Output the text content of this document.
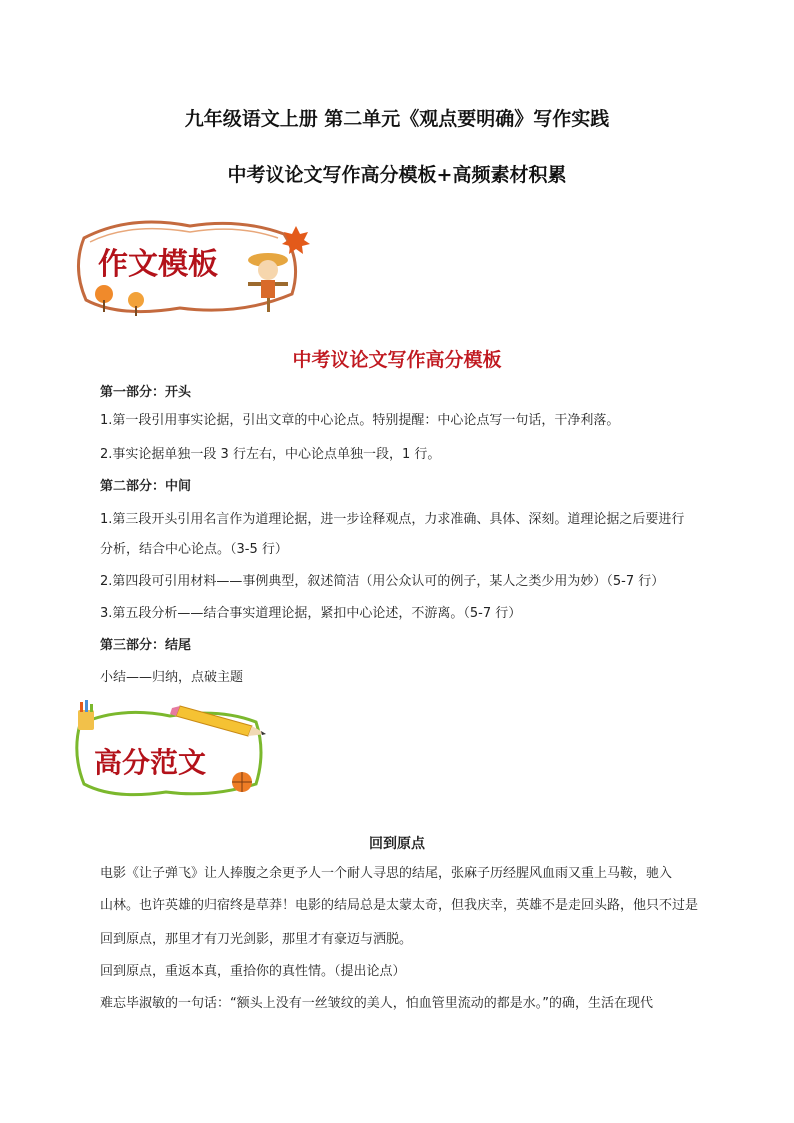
九年级语文上册 第二单元《观点要明确》写作实践
中考议论文写作高分模板+高频素材积累
作文模板
中考议论文写作高分模板
第一部分：开头
1.第一段引用事实论据，引出文章的中心论点。特别提醒：中心论点写一句话，干净利落。
2.事实论据单独一段 3 行左右，中心论点单独一段，1 行。
第二部分：中间
1.第三段开头引用名言作为道理论据，进一步诠释观点，力求准确、具体、深刻。道理论据之后要进行
分析，结合中心论点。（3-5 行）
2.第四段可引用材料——事例典型，叙述简洁（用公众认可的例子，某人之类少用为妙）（5-7 行）
3.第五段分析——结合事实道理论据，紧扣中心论述，不游离。（5-7 行）
第三部分：结尾
小结——归纳，点破主题
高分范文
回到原点
电影《让子弹飞》让人捧腹之余更予人一个耐人寻思的结尾，张麻子历经腥风血雨又重上马鞍，驰入
山林。也许英雄的归宿终是草莽！电影的结局总是太蒙太奇，但我庆幸，英雄不是走回头路，他只不过是
回到原点，那里才有刀光剑影，那里才有豪迈与洒脱。
回到原点，重返本真，重拾你的真性情。（提出论点）
难忘毕淑敏的一句话：“额头上没有一丝皱纹的美人，怕血管里流动的都是水。”的确，生活在现代
